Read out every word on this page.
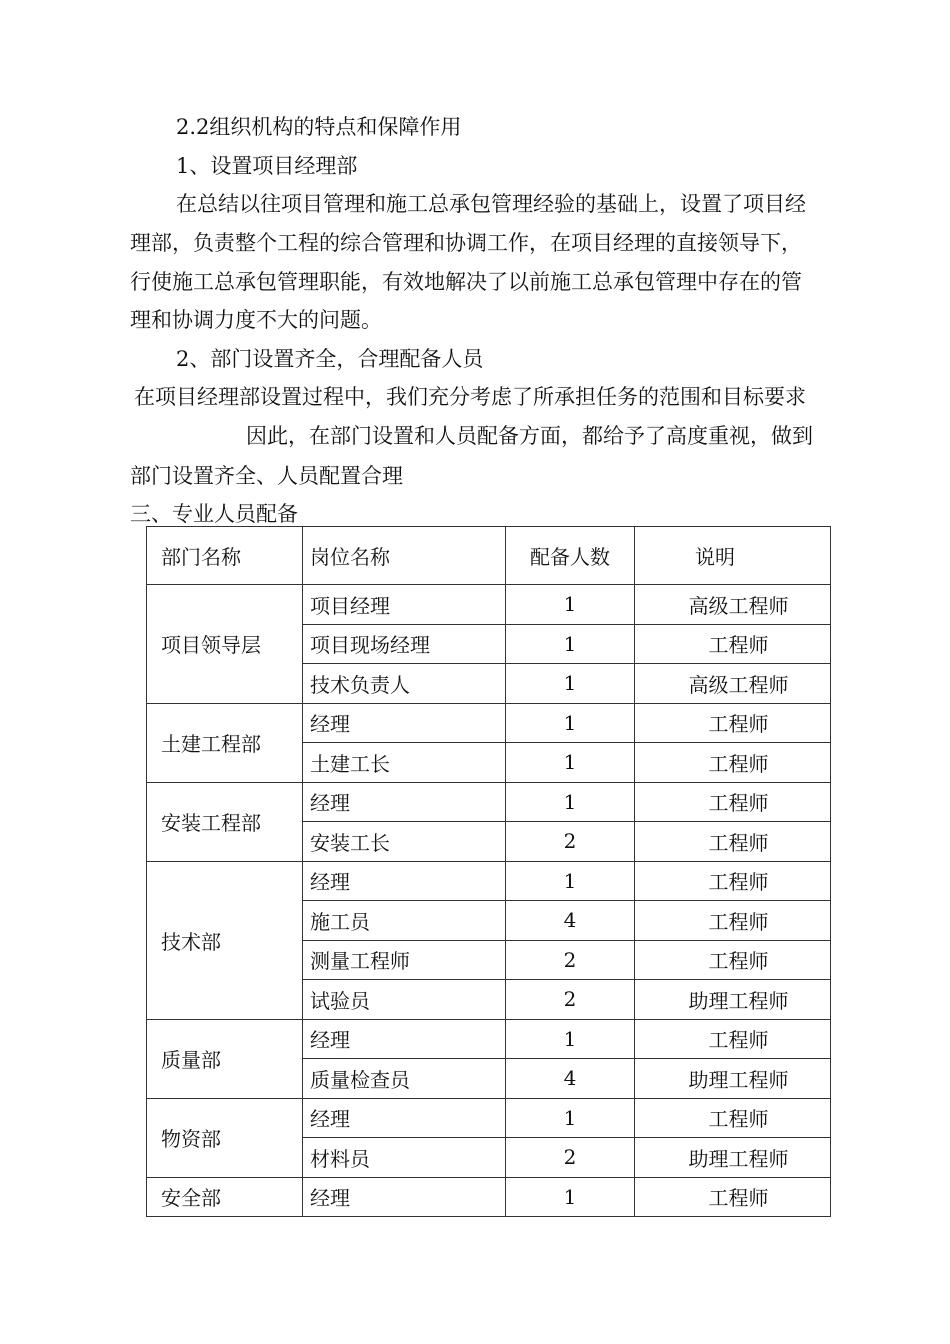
2.2组织机构的特点和保障作用
1、设置项目经理部
在总结以往项目管理和施工总承包管理经验的基础上，设置了项目经
理部，负责整个工程的综合管理和协调工作，在项目经理的直接领导下，
行使施工总承包管理职能，有效地解决了以前施工总承包管理中存在的管
理和协调力度不大的问题。
2、部门设置齐全，合理配备人员
在项目经理部设置过程中，我们充分考虑了所承担任务的范围和目标要求
因此，在部门设置和人员配备方面，都给予了高度重视，做到
部门设置齐全、人员配置合理
三、专业人员配备
部门名称	岗位名称	配备人数	说明
项目领导层	项目经理	1	高级工程师
	项目现场经理	1	工程师
	技术负责人	1	高级工程师
土建工程部	经理	1	工程师
	土建工长	1	工程师
安装工程部	经理	1	工程师
	安装工长	2	工程师
技术部	经理	1	工程师
	施工员	4	工程师
	测量工程师	2	工程师
	试验员	2	助理工程师
质量部	经理	1	工程师
	质量检查员	4	助理工程师
物资部	经理	1	工程师
	材料员	2	助理工程师
安全部	经理	1	工程师
